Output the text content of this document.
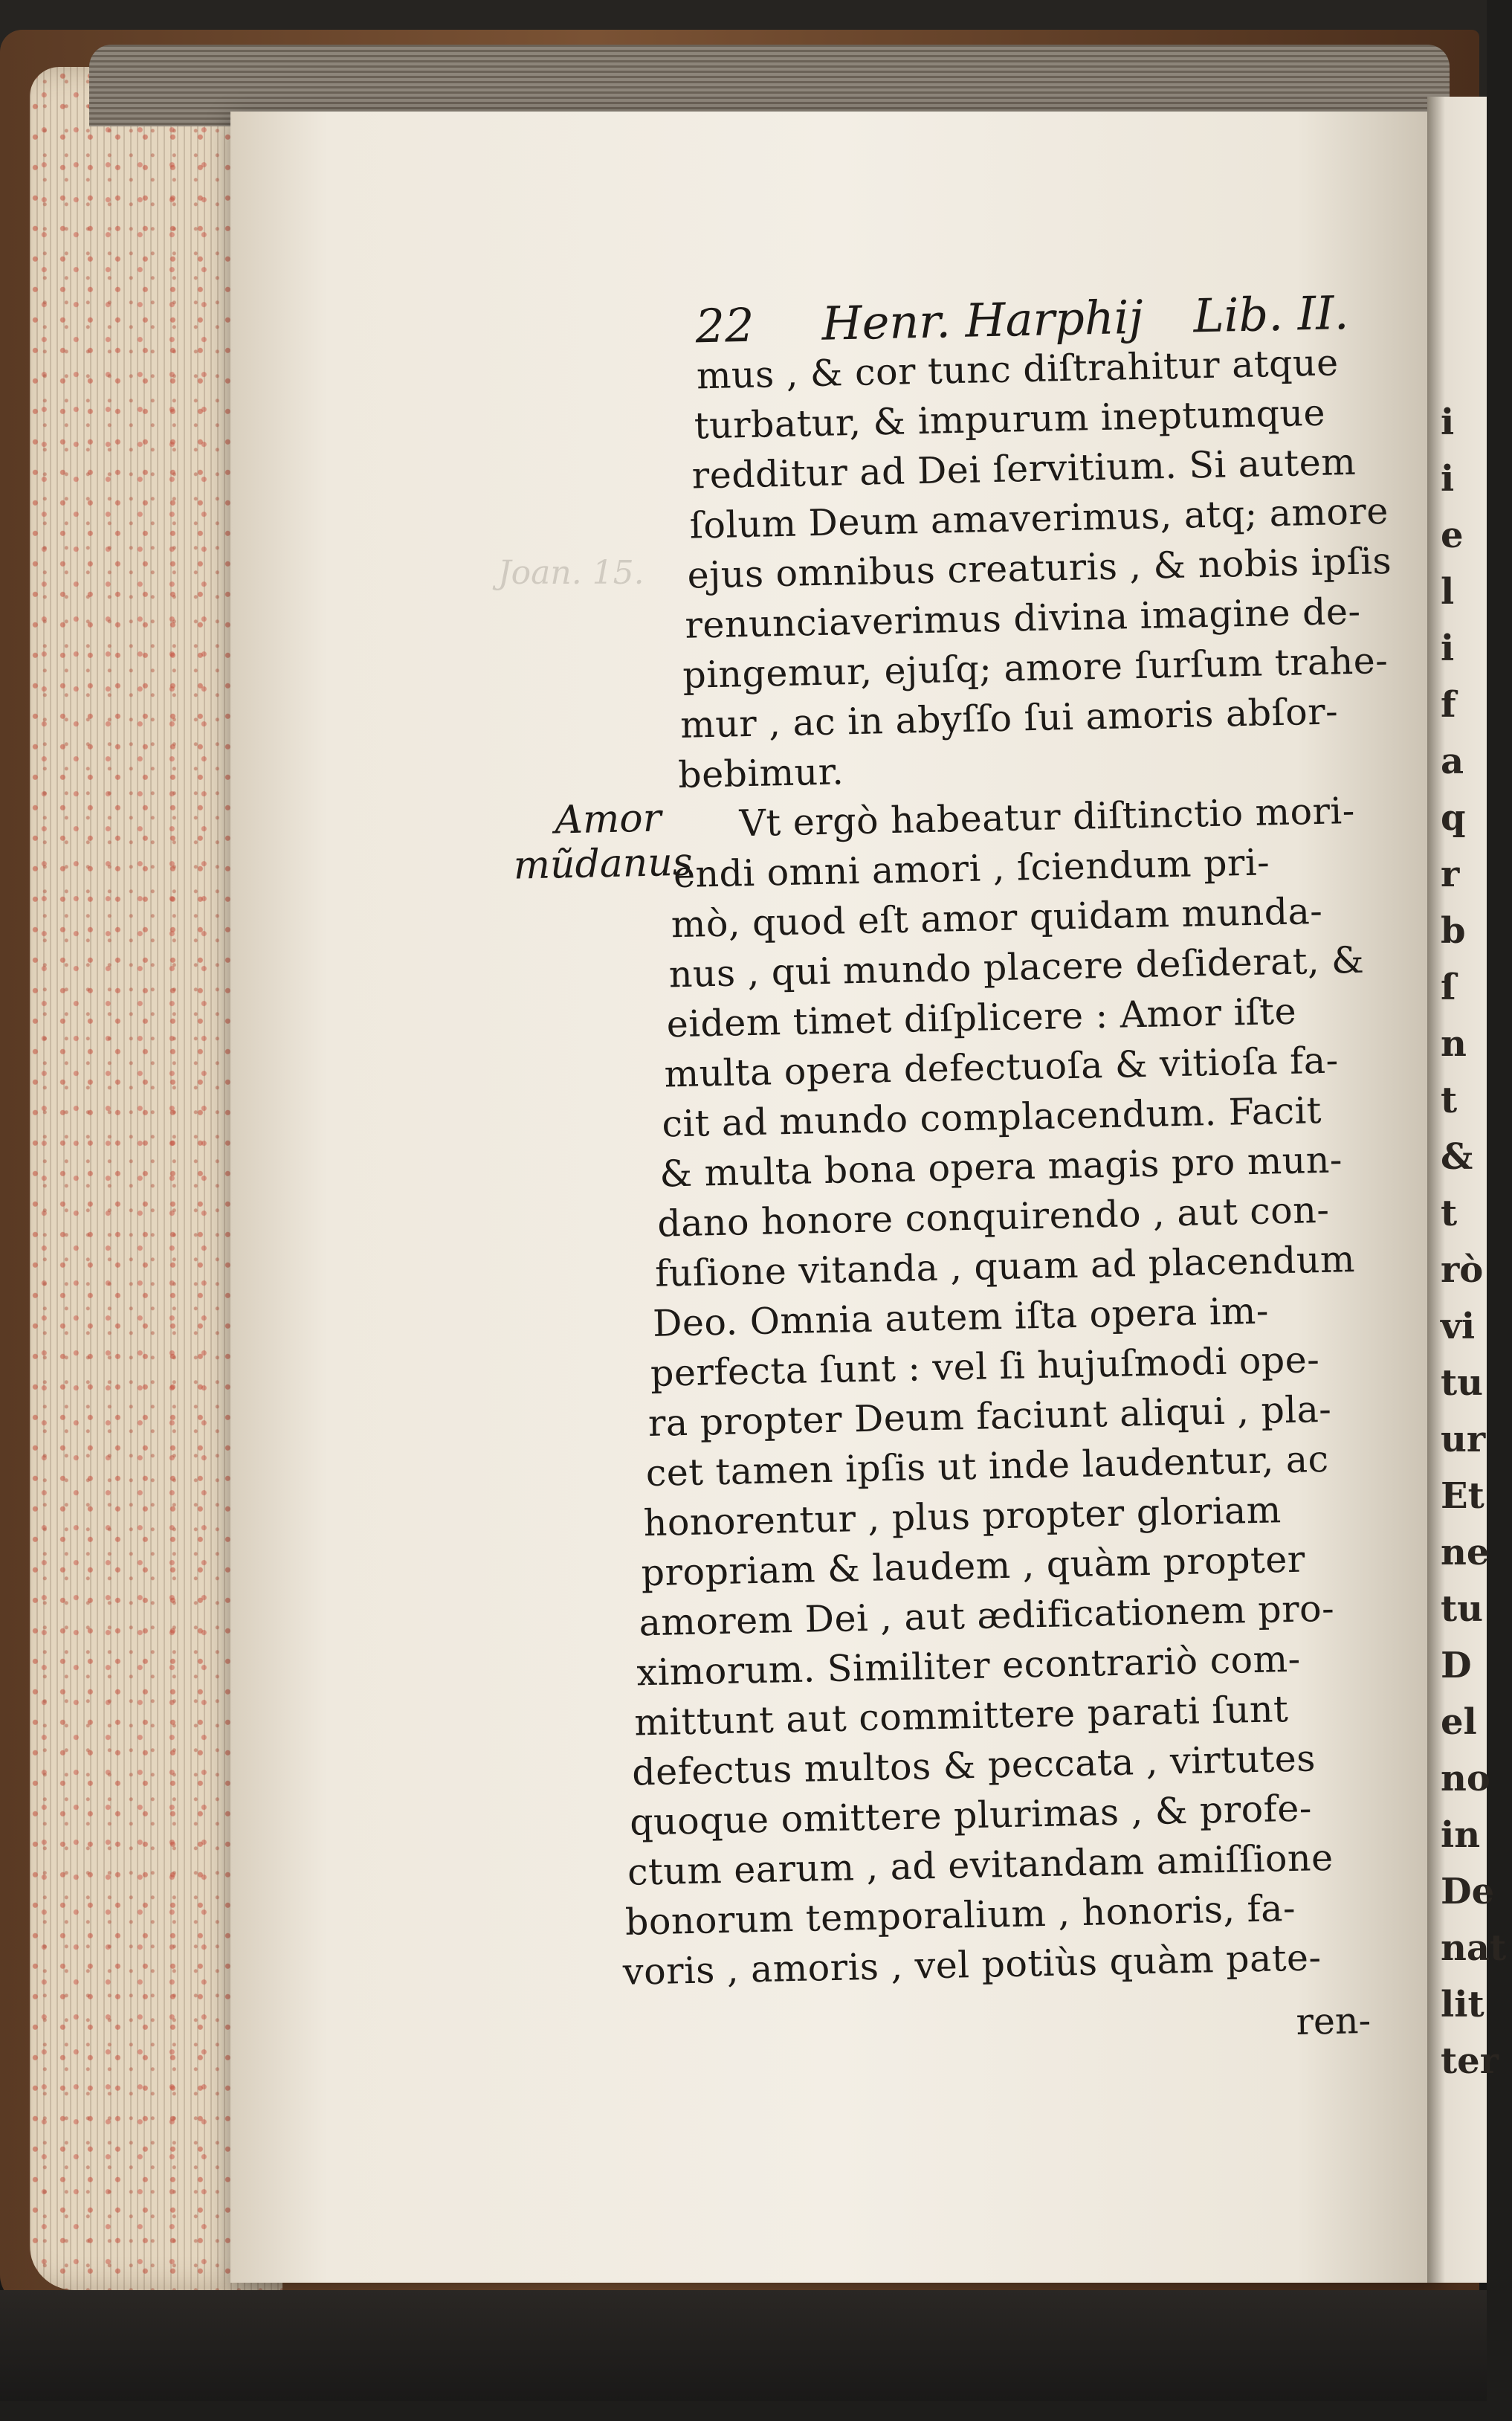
Joan. 15.
i
i
e
l
i
f
a
q
r
b
ſ
n
t
&
t
rò
vi
tu
ur
Et
ne
tu
D
el
no
in
De
nat
lit
ter
22 Henr. Harphij Lib. II.
Amor mũdanus
mus , & cor tunc diſtrahitur atque
turbatur, & impurum ineptumque
redditur ad Dei ſervitium. Si autem
ſolum Deum amaverimus, atq; amore
ejus omnibus creaturis , & nobis ipſis
renunciaverimus divina imagine de-
pingemur, ejuſq; amore ſurſum trahe-
mur , ac in abyſſo ſui amoris abſor-
bebimur.
Vt ergò habeatur diſtinctio mori-
endi omni amori , ſciendum pri-
mò, quod eſt amor quidam munda-
nus , qui mundo placere deſiderat, &
eidem timet diſplicere : Amor iſte
multa opera defectuoſa & vitioſa fa-
cit ad mundo complacendum. Facit
& multa bona opera magis pro mun-
dano honore conquirendo , aut con-
fuſione vitanda , quam ad placendum
Deo. Omnia autem iſta opera im-
perfecta ſunt : vel ſi hujuſmodi ope-
ra propter Deum faciunt aliqui , pla-
cet tamen ipſis ut inde laudentur, ac
honorentur , plus propter gloriam
propriam & laudem , quàm propter
amorem Dei , aut ædificationem pro-
ximorum. Similiter econtrariò com-
mittunt aut committere parati ſunt
defectus multos & peccata , virtutes
quoque omittere plurimas , & profe-
ctum earum , ad evitandam amiſſione
bonorum temporalium , honoris, fa-
voris , amoris , vel potiùs quàm pate-
ren-
